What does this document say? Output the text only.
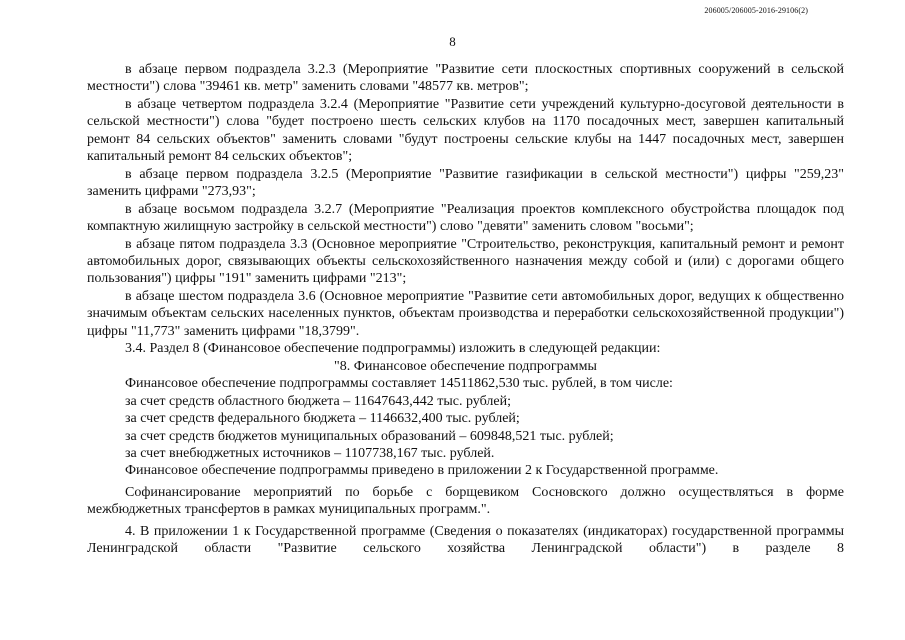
206005/206005-2016-29106(2)
8

в абзаце первом подраздела 3.2.3 (Мероприятие "Развитие сети плоскостных спортивных сооружений в сельской местности") слова "39461 кв. метр" заменить словами "48577 кв. метров";

в абзаце четвертом подраздела 3.2.4 (Мероприятие "Развитие сети учреждений культурно-досуговой деятельности в сельской местности") слова "будет построено шесть сельских клубов на 1170 посадочных мест, завершен капитальный ремонт 84 сельских объектов" заменить словами "будут построены сельские клубы на 1447 посадочных мест, завершен капитальный ремонт 84 сельских объектов";

в абзаце первом подраздела 3.2.5 (Мероприятие "Развитие газификации в сельской местности") цифры "259,23" заменить цифрами "273,93";

в абзаце восьмом подраздела 3.2.7 (Мероприятие "Реализация проектов комплексного обустройства площадок под компактную жилищную застройку в сельской местности") слово "девяти" заменить словом "восьми";

в абзаце пятом подраздела 3.3 (Основное мероприятие "Строительство, реконструкция, капитальный ремонт и ремонт автомобильных дорог, связывающих объекты сельскохозяйственного назначения между собой и (или) с дорогами общего пользования") цифры "191" заменить цифрами "213";

в абзаце шестом подраздела 3.6 (Основное мероприятие "Развитие сети автомобильных дорог, ведущих к общественно значимым объектам сельских населенных пунктов, объектам производства и переработки сельскохозяйственной продукции") цифры "11,773" заменить цифрами "18,3799".

3.4. Раздел 8 (Финансовое обеспечение подпрограммы) изложить в следующей редакции:

"8. Финансовое обеспечение подпрограммы

Финансовое обеспечение подпрограммы составляет 14511862,530 тыс. рублей, в том числе:

за счет средств областного бюджета – 11647643,442 тыс. рублей;

за счет средств федерального бюджета – 1146632,400 тыс. рублей;

за счет средств бюджетов муниципальных образований – 609848,521 тыс. рублей;

за счет внебюджетных источников – 1107738,167 тыс. рублей.

Финансовое обеспечение подпрограммы приведено в приложении 2 к Государственной программе.

Софинансирование мероприятий по борьбе с борщевиком Сосновского должно осуществляться в форме межбюджетных трансфертов в рамках муниципальных программ.".

4. В приложении 1 к Государственной программе (Сведения о показателях (индикаторах) государственной программы Ленинградской области "Развитие сельского хозяйства Ленинградской области") в разделе 8
